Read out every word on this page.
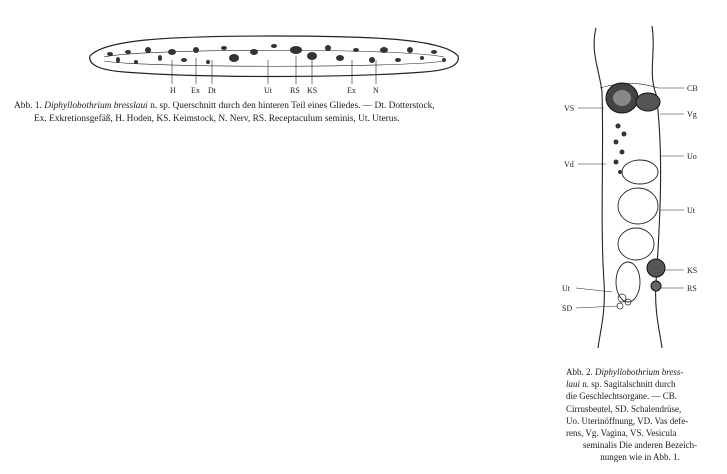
H Ex Dt	Ut RS KS	Ex N

Abb. 1. Diphyllobothrium bresslaui n. sp. Querschnitt durch den hinteren Teil eines Gliedes. — Dt. Dotterstock,

Ex. Exkretionsgefäß, H. Hoden, KS. Keimstock, N. Nerv, RS. Receptaculum seminis, Ut. Uterus.

CB
VS
Vg
Vd
Uo
Ut
KS
RS
Ut
SD

Abb. 2. Diphyllobothrium bress-

laui n. sp. Sagitalschnitt durch

die Geschlechtsorgane. — CB.

Cirrusbeutel, SD. Schalendrüse,

Uo. Uterinöffnung, VD. Vas defe-

rens, Vg. Vagina, VS. Vesicula

seminalis Die anderen Bezeich-

nungen wie in Abb. 1.
